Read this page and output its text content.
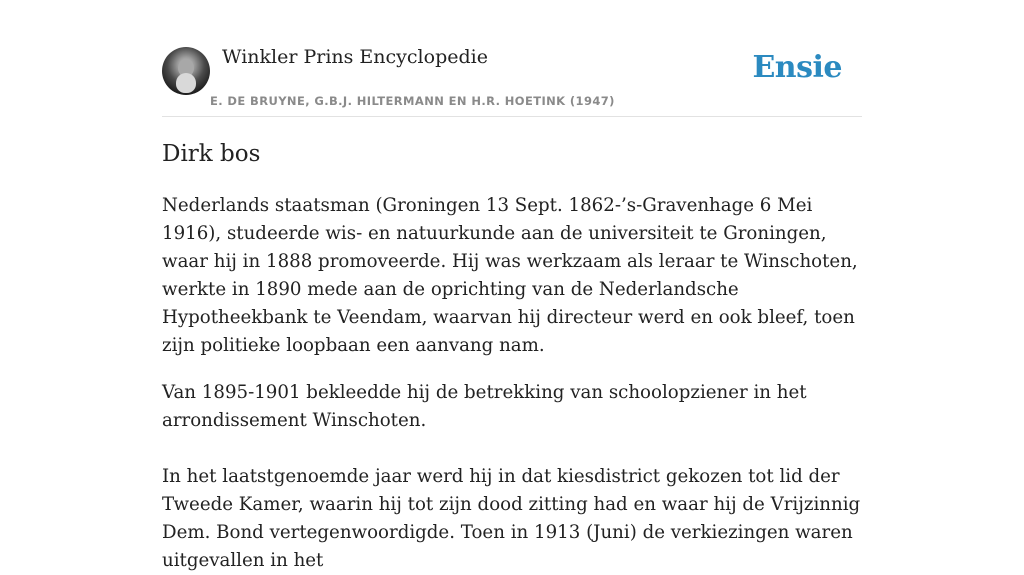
Winkler Prins Encyclopedie
E. DE BRUYNE, G.B.J. HILTERMANN EN H.R. HOETINK (1947)
Ensie
Dirk bos

Nederlands staatsman (Groningen 13 Sept. 1862-’s-Gravenhage 6 Mei 1916), studeerde wis- en natuurkunde aan de universiteit te Groningen, waar hij in 1888 promoveerde. Hij was werkzaam als leraar te Winschoten, werkte in 1890 mede aan de oprichting van de Nederlandsche Hypotheekbank te Veendam, waarvan hij directeur werd en ook bleef, toen zijn politieke loopbaan een aanvang nam.

Van 1895-1901 bekleedde hij de betrekking van schoolopziener in het arrondissement Winschoten.

In het laatstgenoemde jaar werd hij in dat kiesdistrict gekozen tot lid der Tweede Kamer, waarin hij tot zijn dood zitting had en waar hij de Vrijzinnig Dem. Bond vertegenwoordigde. Toen in 1913 (Juni) de verkiezingen waren uitgevallen in het
